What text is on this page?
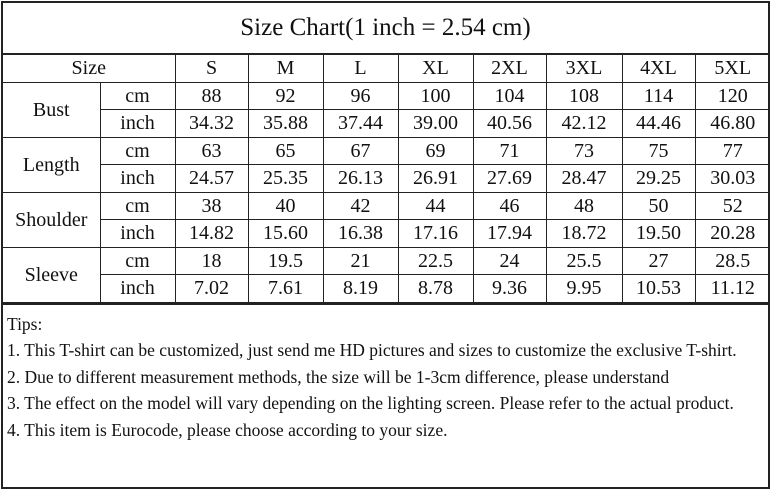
Size Chart(1 inch = 2.54 cm)
Size		S	M	L	XL	2XL	3XL	4XL	5XL
Bust	cm	88	92	96	100	104	108	114	120
	inch	34.32	35.88	37.44	39.00	40.56	42.12	44.46	46.80
Length	cm	63	65	67	69	71	73	75	77
	inch	24.57	25.35	26.13	26.91	27.69	28.47	29.25	30.03
Shoulder	cm	38	40	42	44	46	48	50	52
	inch	14.82	15.60	16.38	17.16	17.94	18.72	19.50	20.28
Sleeve	cm	18	19.5	21	22.5	24	25.5	27	28.5
	inch	7.02	7.61	8.19	8.78	9.36	9.95	10.53	11.12
Tips:
1. This T-shirt can be customized, just send me HD pictures and sizes to customize the exclusive T-shirt.
2. Due to different measurement methods, the size will be 1-3cm difference, please understand
3. The effect on the model will vary depending on the lighting screen. Please refer to the actual product.
4. This item is Eurocode, please choose according to your size.
